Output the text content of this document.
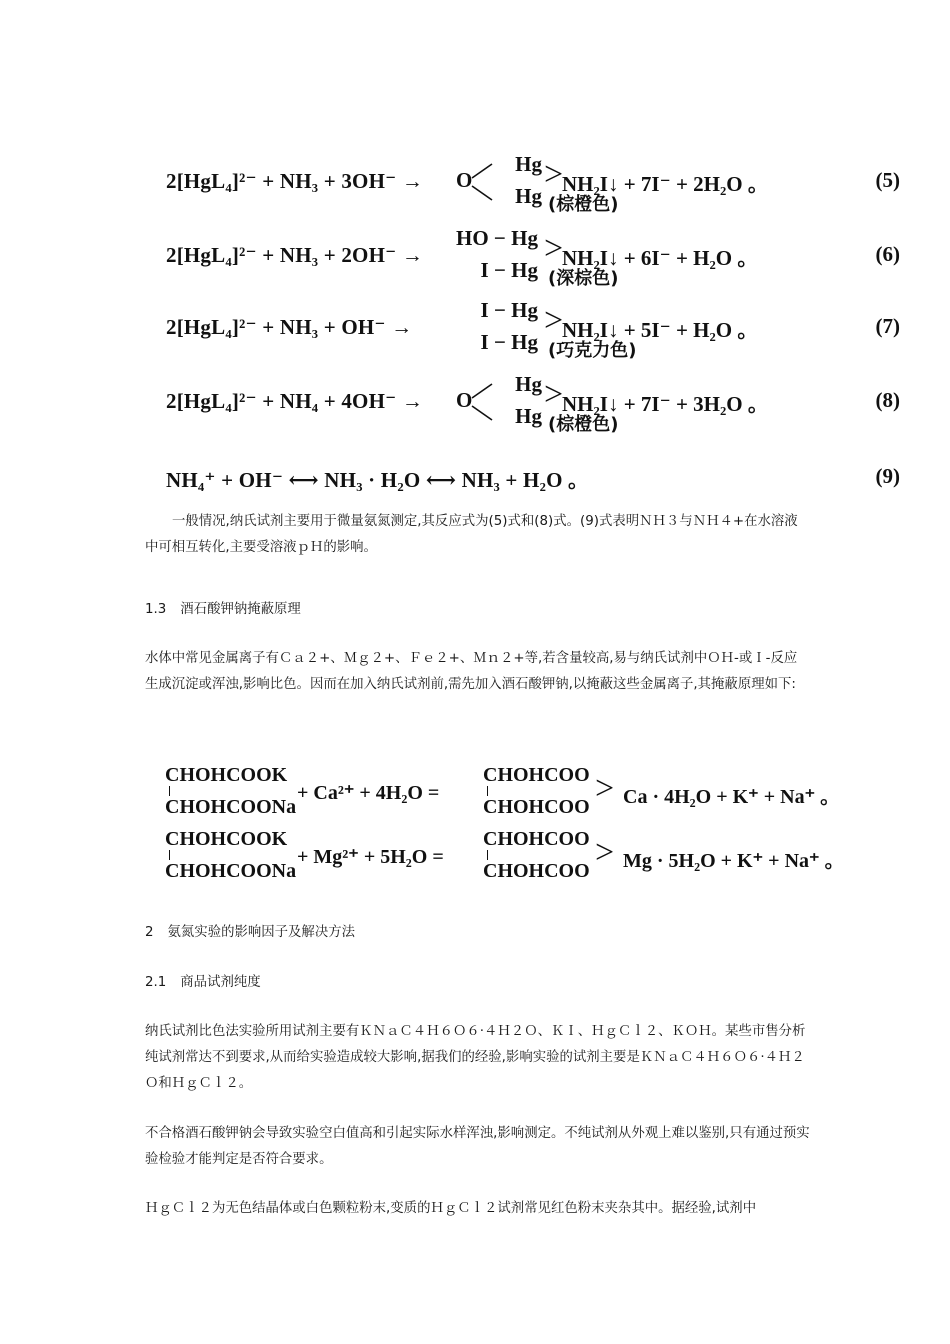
2[HgL₄]²⁻ + NH₃ + 3OH⁻ → O
Hg
Hg
>
NH₂I↓ + 7I⁻ + 2H₂O 。
(棕橙色)
(5)
2[HgL₄]²⁻ + NH₃ + 2OH⁻ →
HO − Hg
I − Hg
>
NH₂I↓ + 6I⁻ + H₂O 。
(深棕色)
(6)
2[HgL₄]²⁻ + NH₃ + OH⁻ →
I − Hg
I − Hg
>
NH₂I↓ + 5I⁻ + H₂O 。
(巧克力色)
(7)
2[HgL₄]²⁻ + NH₄ + 4OH⁻ → O
Hg
Hg
>
NH₂I↓ + 7I⁻ + 3H₂O 。
(棕橙色)
(8)
NH₄⁺ + OH⁻ ⟷ NH₃ · H₂O ⟷ NH₃ + H₂O 。	(9)

一般情况,纳氏试剂主要用于微量氨氮测定,其反应式为(5)式和(8)式。(9)式表明ＮＨ３与ＮＨ４+在水溶液中可相互转化,主要受溶液ｐＨ的影响。

1.3 酒石酸钾钠掩蔽原理

水体中常见金属离子有Ｃａ２+、Ｍｇ２+、Ｆｅ２+、Ｍｎ２+等,若含量较高,易与纳氏试剂中ＯＨ-或Ｉ-反应生成沉淀或浑浊,影响比色。因而在加入纳氏试剂前,需先加入酒石酸钾钠,以掩蔽这些金属离子,其掩蔽原理如下:

CHOHCOOK
CHOHCOONa
+ Ca²⁺ + 4H₂O =
CHOHCOO
CHOHCOO > Ca · 4H₂O + K⁺ + Na⁺ 。
CHOHCOOK
CHOHCOONa
+ Mg²⁺ + 5H₂O =
CHOHCOO
CHOHCOO > Mg · 5H₂O + K⁺ + Na⁺ 。
2 氨氮实验的影响因子及解决方法
2.1 商品试剂纯度

纳氏试剂比色法实验所用试剂主要有ＫＮａＣ４Ｈ６Ｏ６·４Ｈ２Ｏ、ＫＩ、ＨｇＣｌ２、ＫＯＨ。某些市售分析纯试剂常达不到要求,从而给实验造成较大影响,据我们的经验,影响实验的试剂主要是ＫＮａＣ４Ｈ６Ｏ６·４Ｈ２Ｏ和ＨｇＣｌ２。

不合格酒石酸钾钠会导致实验空白值高和引起实际水样浑浊,影响测定。不纯试剂从外观上难以鉴别,只有通过预实验检验才能判定是否符合要求。

ＨｇＣｌ２为无色结晶体或白色颗粒粉末,变质的ＨｇＣｌ２试剂常见红色粉末夹杂其中。据经验,试剂中
